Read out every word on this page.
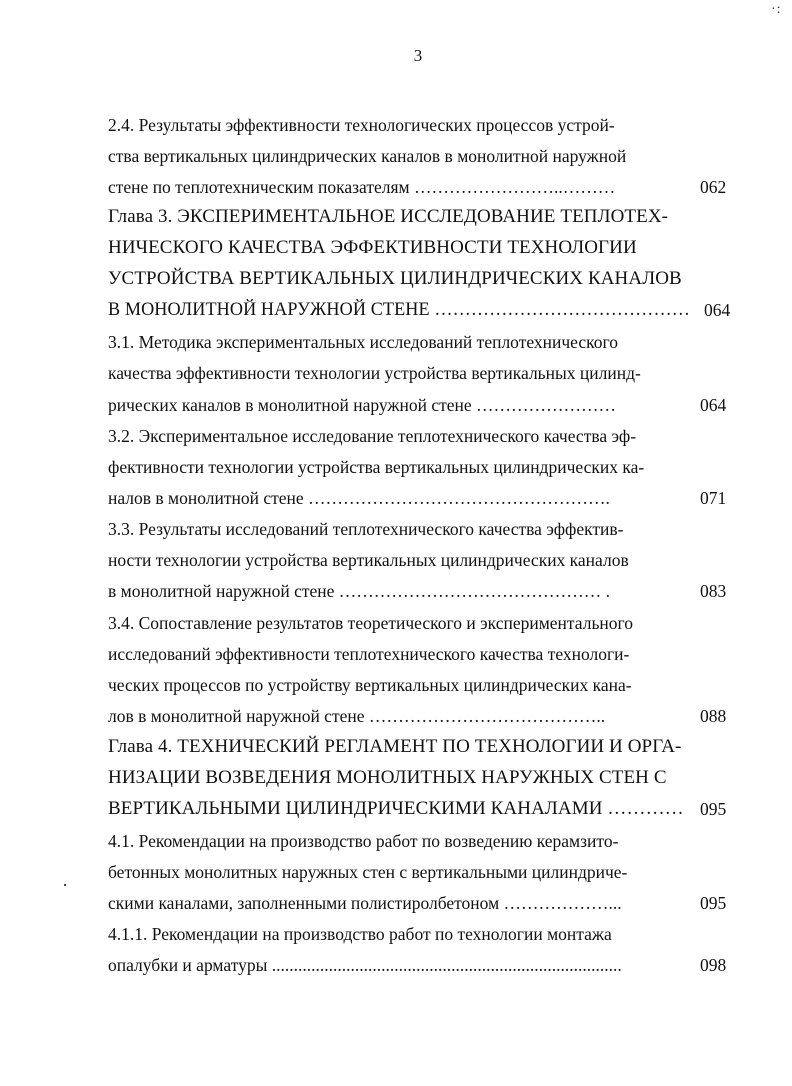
3
·:
2.4. Результаты эффективности технологических процессов устрой-
ства вертикальных цилиндрических каналов в монолитной наружной
стене по теплотехническим показателям ……………………..………	062
Глава 3. ЭКСПЕРИМЕНТАЛЬНОЕ ИССЛЕДОВАНИЕ ТЕПЛОТЕХ-
НИЧЕСКОГО КАЧЕСТВА ЭФФЕКТИВНОСТИ ТЕХНОЛОГИИ
УСТРОЙСТВА ВЕРТИКАЛЬНЫХ ЦИЛИНДРИЧЕСКИХ КАНАЛОВ
В МОНОЛИТНОЙ НАРУЖНОЙ СТЕНЕ …………………………………… 064
3.1. Методика экспериментальных исследований теплотехнического
качества эффективности технологии устройства вертикальных цилинд-
рических каналов в монолитной наружной стене ……………………	064
3.2. Экспериментальное исследование теплотехнического качества эф-
фективности технологии устройства вертикальных цилиндрических ка-
налов в монолитной стене …………………………………………….	071
3.3. Результаты исследований теплотехнического качества эффектив-
ности технологии устройства вертикальных цилиндрических каналов
в монолитной наружной стене ……………………………………… .	083
3.4. Сопоставление результатов теоретического и экспериментального
исследований эффективности теплотехнического качества технологи-
ческих процессов по устройству вертикальных цилиндрических кана-
лов в монолитной наружной стене …………………………………..	088
Глава 4. ТЕХНИЧЕСКИЙ РЕГЛАМЕНТ ПО ТЕХНОЛОГИИ И ОРГА-
НИЗАЦИИ ВОЗВЕДЕНИЯ МОНОЛИТНЫХ НАРУЖНЫХ СТЕН С
ВЕРТИКАЛЬНЫМИ ЦИЛИНДРИЧЕСКИМИ КАНАЛАМИ ………… 095
4.1. Рекомендации на производство работ по возведению керамзито-
бетонных монолитных наружных стен с вертикальными цилиндриче-
скими каналами, заполненными полистиролбетоном ………………...	095
4.1.1. Рекомендации на производство работ по технологии монтажа
опалубки и арматуры ................................................................................	098
